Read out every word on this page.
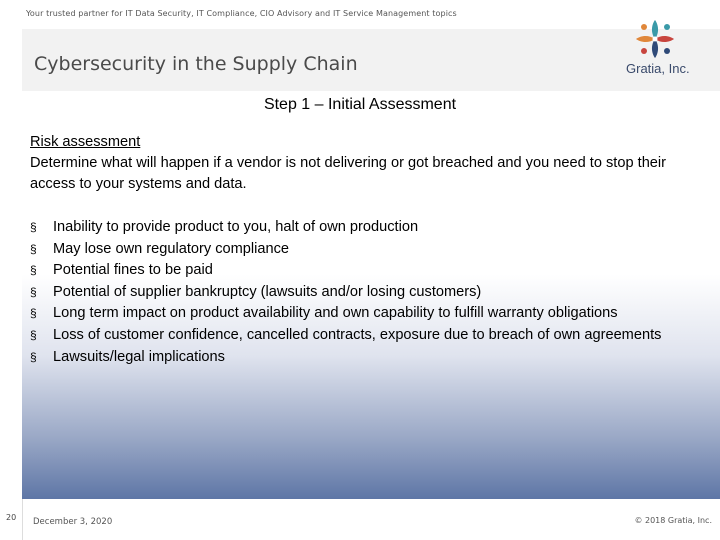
Your trusted partner for IT Data Security, IT Compliance, CIO Advisory and IT Service Management topics
Cybersecurity in the Supply Chain	Gratia, Inc.
Step 1 – Initial Assessment
Risk assessment
Determine what will happen if a vendor is not delivering or got breached and you need to stop their access to your systems and data.
§	Inability to provide product to you, halt of own production
§	May lose own regulatory compliance
§	Potential fines to be paid
§	Potential of supplier bankruptcy (lawsuits and/or losing customers)
§	Long term impact on product availability and own capability to fulfill warranty obligations
§	Loss of customer confidence, cancelled contracts, exposure due to breach of own agreements
§	Lawsuits/legal implications
20 December 3, 2020	© 2018 Gratia, Inc.
